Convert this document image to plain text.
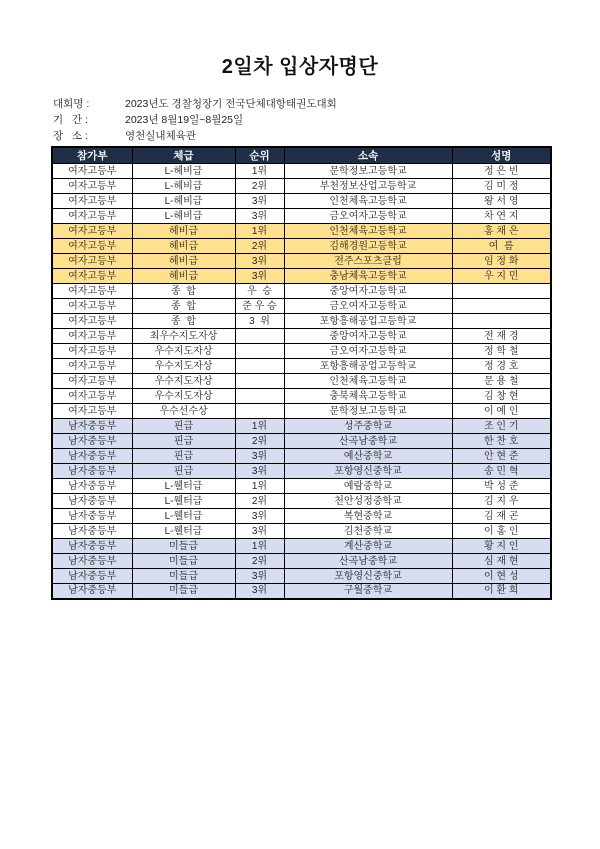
2일차 입상자명단
대회명 :	2023년도 경찰청장기 전국단체대항태권도대회
기   간 :	2023년 8월19일~8월25일
장   소 :	영천실내체육관
참가부	체급	순위	소속	성명
여자고등부	L-헤비급	1위	문학정보고등학교	정 은 빈
여자고등부	L-헤비급	2위	부천정보산업고등학교	김 미 정
여자고등부	L-헤비급	3위	인천체육고등학교	왕 서 영
여자고등부	L-헤비급	3위	금오여자고등학교	차 연 지
여자고등부	헤비급	1위	인천체육고등학교	홍 채 은
여자고등부	헤비급	2위	김해경원고등학교	여  름
여자고등부	헤비급	3위	전주스포츠클럽	임 정 화
여자고등부	헤비급	3위	충남체육고등학교	우 지 민
여자고등부	종  합	우  승	중앙여자고등학교	
여자고등부	종  합	준 우 승	금오여자고등학교	
여자고등부	종  합	3  위	포항흥해공업고등학교	
여자고등부	최우수지도자상		중앙여자고등학교	전 재 경
여자고등부	우수지도자상		금오여자고등학교	정 학 철
여자고등부	우수지도자상		포항흥해공업고등학교	정 경 호
여자고등부	우수지도자상		인천체육고등학교	문 용 철
여자고등부	우수지도자상		충북체육고등학교	김 창 현
여자고등부	우수선수상		문학정보고등학교	이 예 인
남자중등부	핀급	1위	성주중학교	조 인 기
남자중등부	핀급	2위	산곡남중학교	한 찬 호
남자중등부	핀급	3위	예산중학교	안 현 준
남자중등부	핀급	3위	포항영신중학교	송 민 혁
남자중등부	L-웰터급	1위	예람중학교	박 성 준
남자중등부	L-웰터급	2위	천안성정중학교	김 지 우
남자중등부	L-웰터급	3위	복현중학교	김 재 곤
남자중등부	L-웰터급	3위	김천중학교	이 홍 인
남자중등부	미들급	1위	계산중학교	황 지 인
남자중등부	미들급	2위	산곡남중학교	심 재 현
남자중등부	미들급	3위	포항영신중학교	이 현 성
남자중등부	미들급	3위	구월중학교	이 환 희
